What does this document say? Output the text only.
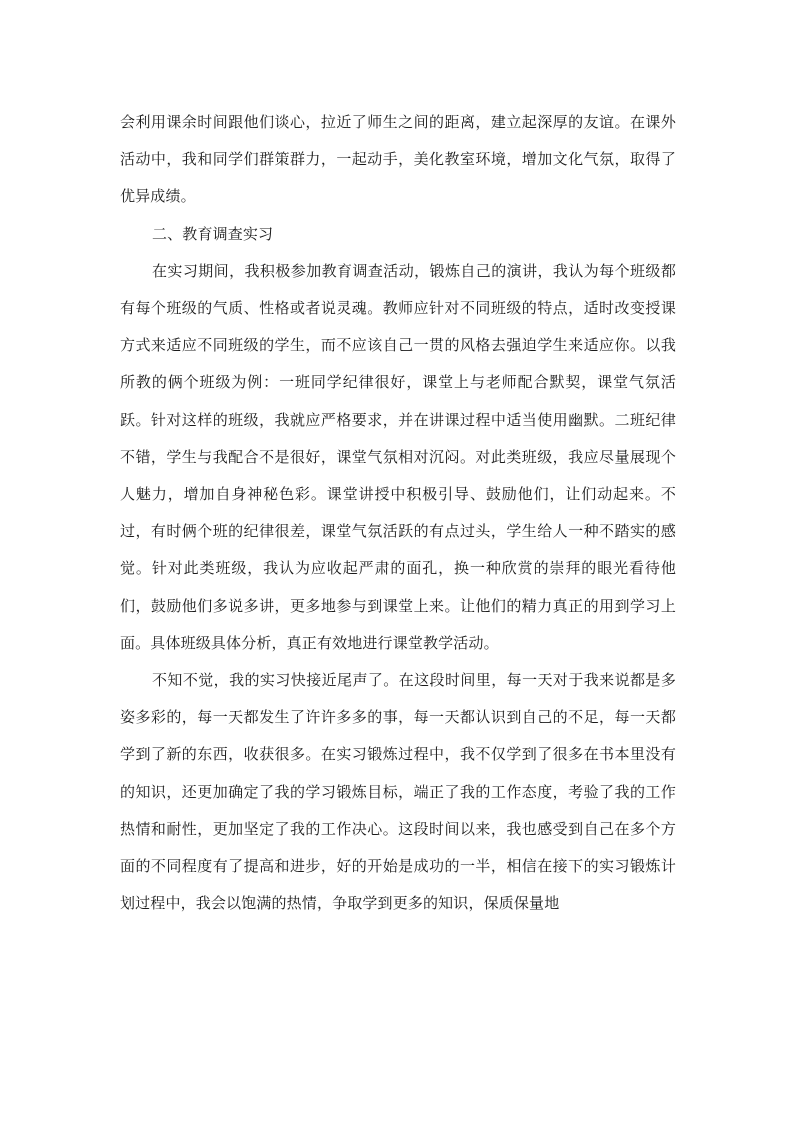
会利用课余时间跟他们谈心，拉近了师生之间的距离，建立起深厚的友谊。在课外活动中，我和同学们群策群力，一起动手，美化教室环境，增加文化气氛，取得了优异成绩。

二、教育调查实习

在实习期间，我积极参加教育调查活动，锻炼自己的演讲，我认为每个班级都有每个班级的气质、性格或者说灵魂。教师应针对不同班级的特点，适时改变授课方式来适应不同班级的学生，而不应该自己一贯的风格去强迫学生来适应你。以我所教的俩个班级为例：一班同学纪律很好，课堂上与老师配合默契，课堂气氛活跃。针对这样的班级，我就应严格要求，并在讲课过程中适当使用幽默。二班纪律不错，学生与我配合不是很好，课堂气氛相对沉闷。对此类班级，我应尽量展现个人魅力，增加自身神秘色彩。课堂讲授中积极引导、鼓励他们，让们动起来。不过，有时俩个班的纪律很差，课堂气氛活跃的有点过头，学生给人一种不踏实的感觉。针对此类班级，我认为应收起严肃的面孔，换一种欣赏的崇拜的眼光看待他们，鼓励他们多说多讲，更多地参与到课堂上来。让他们的精力真正的用到学习上面。具体班级具体分析，真正有效地进行课堂教学活动。

不知不觉，我的实习快接近尾声了。在这段时间里，每一天对于我来说都是多姿多彩的，每一天都发生了许许多多的事，每一天都认识到自己的不足，每一天都学到了新的东西，收获很多。在实习锻炼过程中，我不仅学到了很多在书本里没有的知识，还更加确定了我的学习锻炼目标，端正了我的工作态度，考验了我的工作热情和耐性，更加坚定了我的工作决心。这段时间以来，我也感受到自己在多个方面的不同程度有了提高和进步，好的开始是成功的一半，相信在接下的实习锻炼计划过程中，我会以饱满的热情，争取学到更多的知识，保质保量地
